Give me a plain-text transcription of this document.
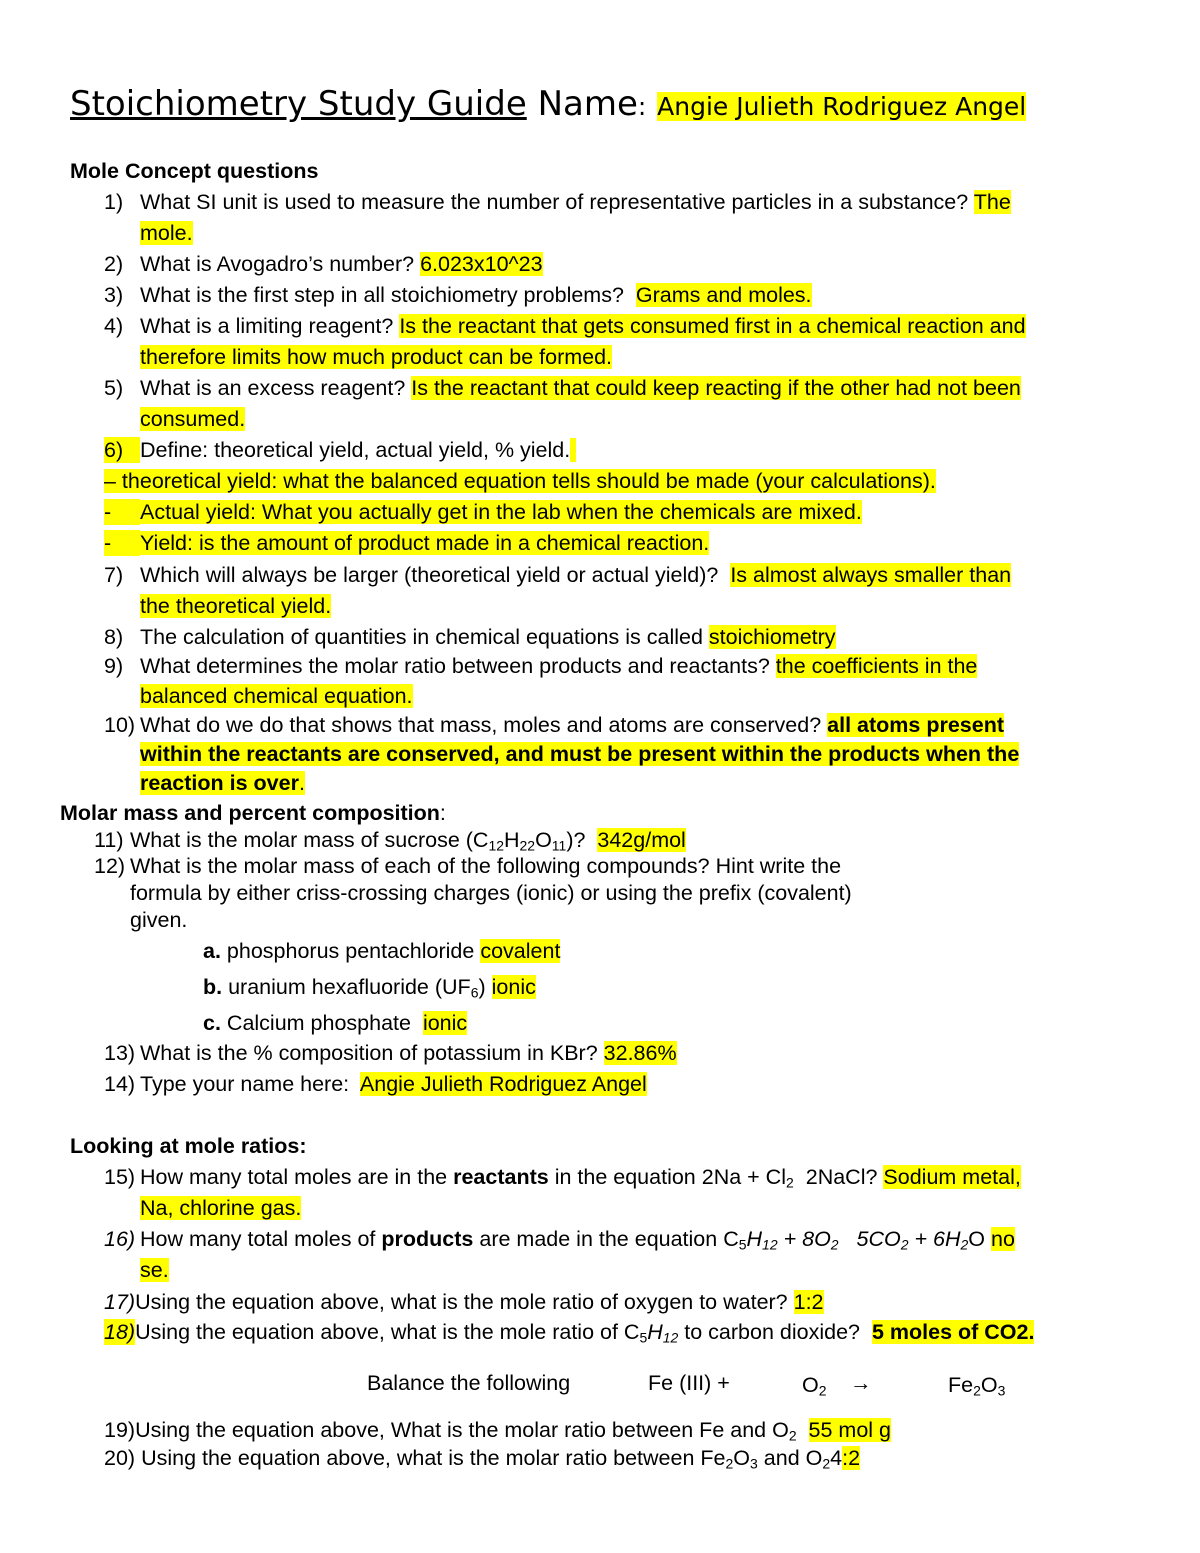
Stoichiometry Study Guide Name: Angie Julieth Rodriguez Angel
Mole Concept questions
1) What SI unit is used to measure the number of representative particles in a substance? The
mole.
2) What is Avogadro’s number? 6.023x10^23
3) What is the first step in all stoichiometry problems? Grams and moles.
4) What is a limiting reagent? Is the reactant that gets consumed first in a chemical reaction and
therefore limits how much product can be formed.
5) What is an excess reagent? Is the reactant that could keep reacting if the other had not been
consumed.
6) Define: theoretical yield, actual yield, % yield.
– theoretical yield: what the balanced equation tells should be made (your calculations).
- Actual yield: What you actually get in the lab when the chemicals are mixed.
- Yield: is the amount of product made in a chemical reaction.
7) Which will always be larger (theoretical yield or actual yield)? Is almost always smaller than
the theoretical yield.
8) The calculation of quantities in chemical equations is called stoichiometry
9) What determines the molar ratio between products and reactants? the coefficients in the
balanced chemical equation.
10) What do we do that shows that mass, moles and atoms are conserved? all atoms present
within the reactants are conserved, and must be present within the products when the
reaction is over.
Molar mass and percent composition:
11) What is the molar mass of sucrose $(C_{12}H_{22}O_{11})$? 342g/mol
12) What is the molar mass of each of the following compounds? Hint write the
formula by either criss-crossing charges (ionic) or using the prefix (covalent)
given.
a. phosphorus pentachloride covalent
b. uranium hexafluoride $(UF_6)$ ionic
c. Calcium phosphate ionic
13) What is the % composition of potassium in KBr? 32.86%
14) Type your name here: Angie Julieth Rodriguez Angel
Looking at mole ratios:
15) How many total moles are in the reactants in the equation $2Na + Cl_2$ 2NaCl? Sodium metal,
Na, chlorine gas.
16) How many total moles of products are made in the equation $C_5H_{12} + 8O_2$ $5CO_2 + 6H_2O$ no
se.
17)Using the equation above, what is the mole ratio of oxygen to water? 1:2
18)Using the equation above, what is the mole ratio of $C_5H_{12}$ to carbon dioxide? 5 moles of CO2.
Balance the following	Fe (III) +	$O_2$ →	$Fe_2O_3$
19)Using the equation above, What is the molar ratio between Fe and $O_2$ 55 mol g
20) Using the equation above, what is the molar ratio between $Fe_2O_3$ and $O_24:2$
